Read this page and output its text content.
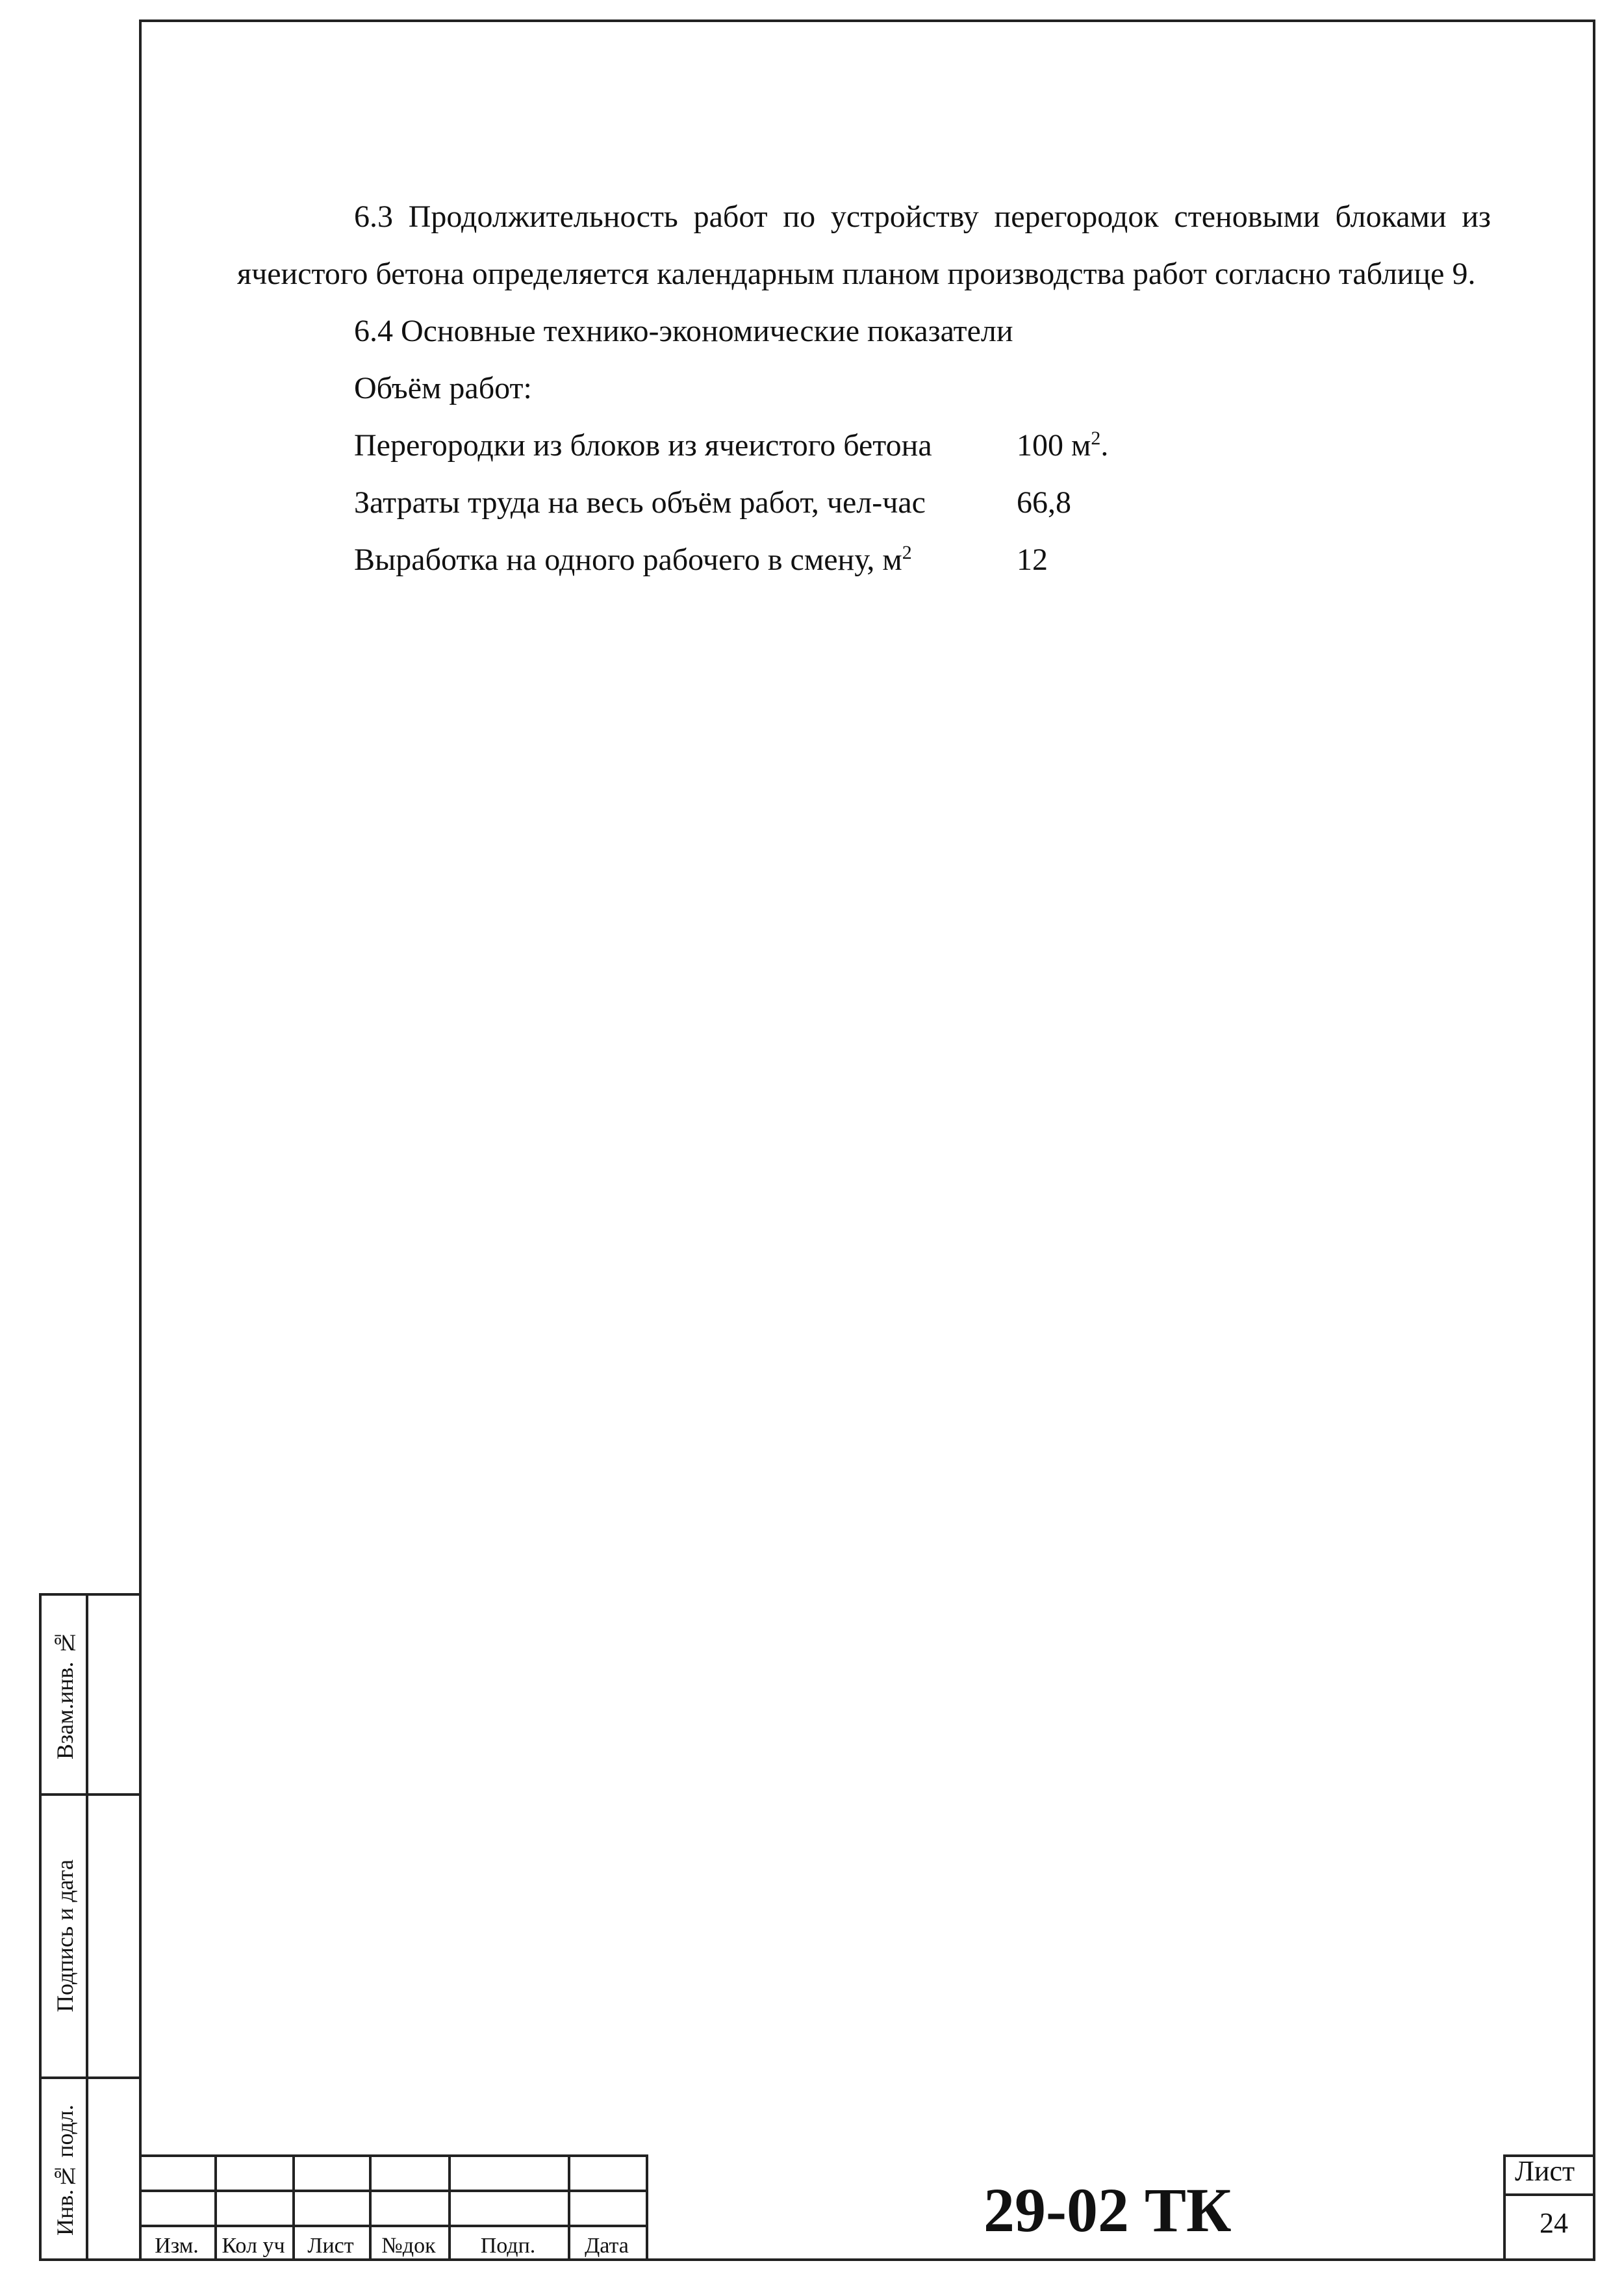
6.3 Продолжительность работ по устройству перегородок стеновыми блоками из ячеистого бетона определяется календарным планом производства работ согласно таблице 9.

6.4 Основные технико-экономические показатели

Объём работ:

Перегородки из блоков из ячеистого бетона	100 $м^2$.

Затраты труда на весь объём работ, чел-час	66,8

Выработка на одного рабочего в смену, $м^2$	12

Взам.инв. №
Подпись и дата
Инв.№ подл.
Изм.	Кол уч	Лист	№док	Подп.	Дата
29-02 ТК
Лист
24
